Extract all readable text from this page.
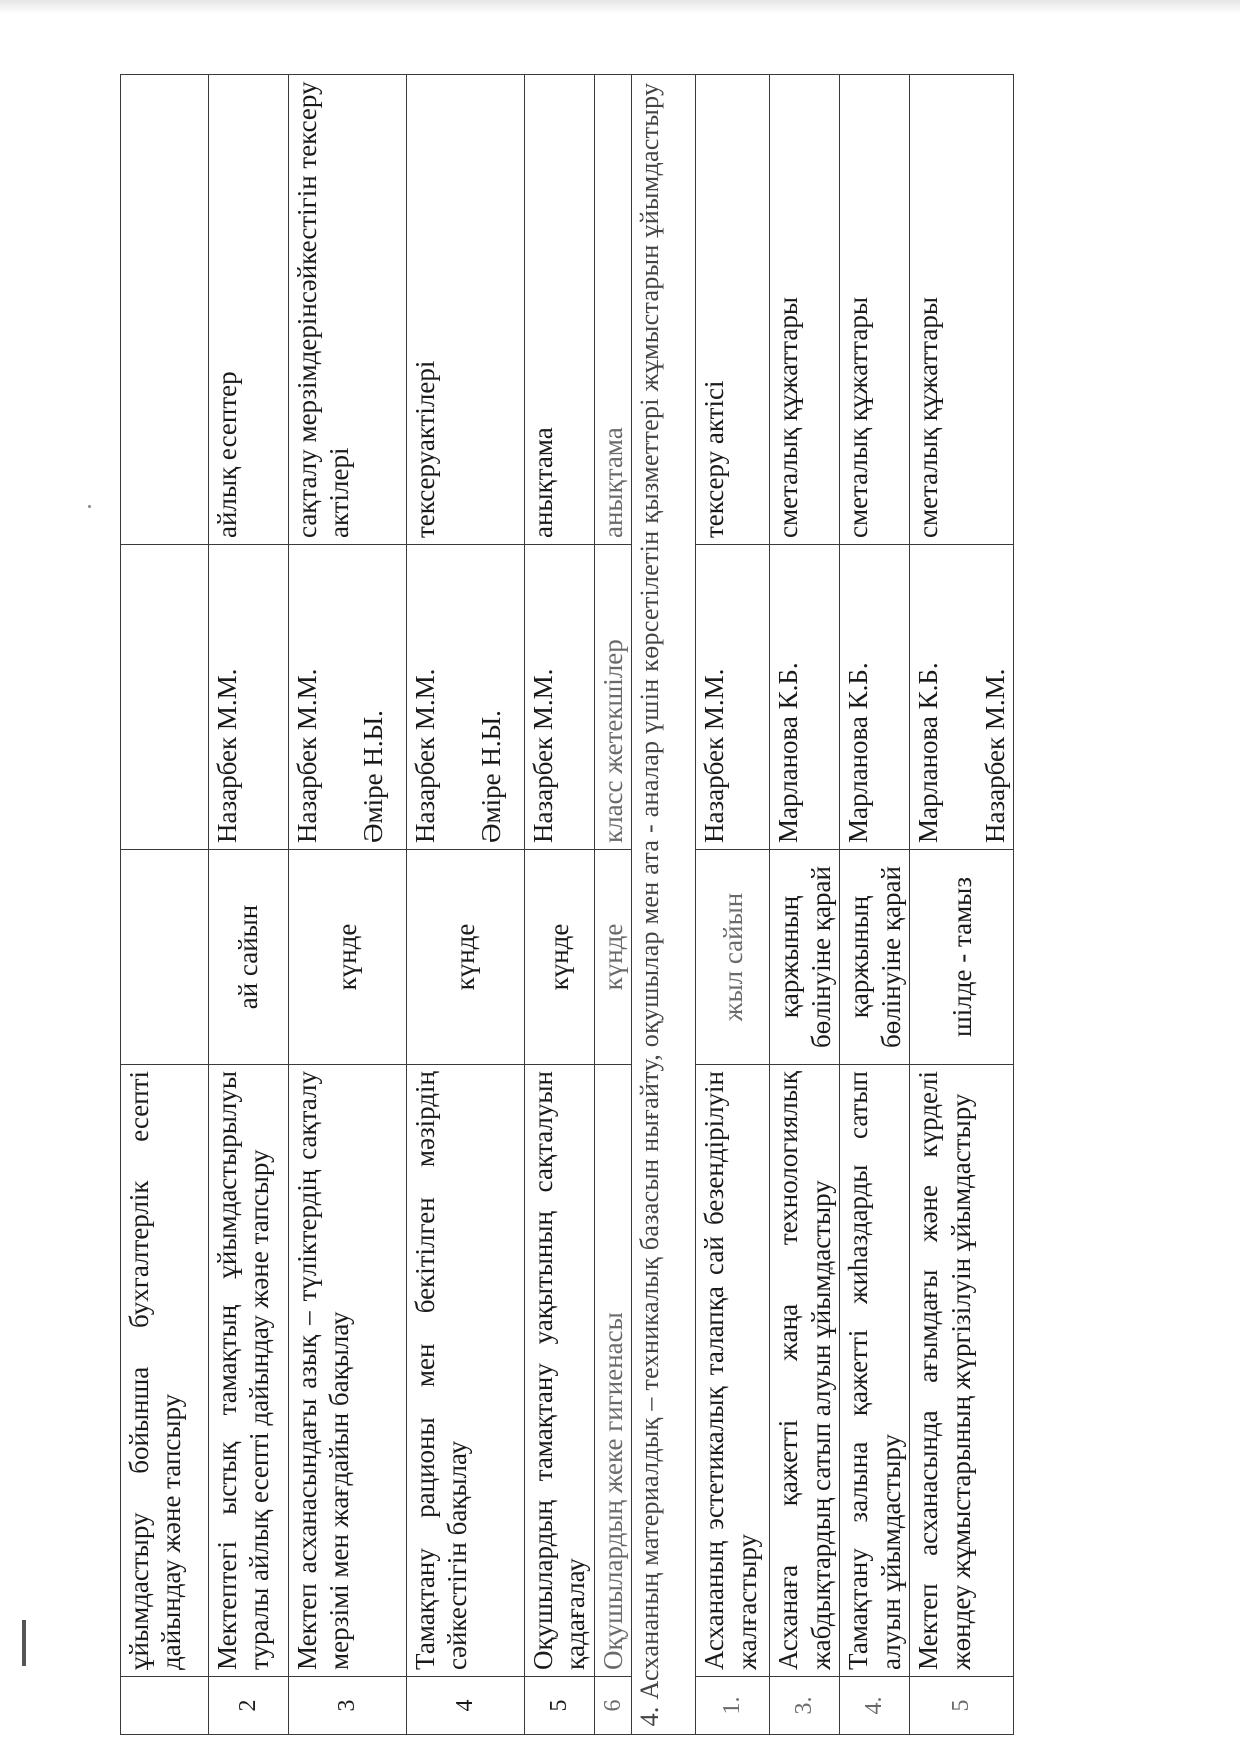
	ұйымдастыру бойынша бухгалтерлік есепті дайындау және тапсыру			
2	Мектептегі ыстық тамақтың ұйымдастырылуы туралы айлық есепті дайындау және тапсыру	ай сайын	Назарбек М.М.	айлық есептер
3	Мектеп асханасындағы азық – түліктердің сақталу мерзімі мен жағдайын бақылау	күнде	Назарбек М.М. Әміре Н.Ы.	сақталу мерзімдерінсәйкестігін тексеру актілері
4	Тамақтану рационы мен бекітілген мәзірдің сәйкестігін бақылау	күнде	Назарбек М.М. Әміре Н.Ы.	тексеруактілері
5	Оқушылардың тамақтану уақытының сақталуын қадағалау	күнде	Назарбек М.М.	анықтама
6	Оқушылардың жеке гигиенасы	күнде	класс жетекшілер	анықтама
4. Асхананың материалдық – техникалық базасын нығайту, оқушылар мен ата - аналар үшін көрсетілетін қызметтері жұмыстарын ұйымдастыру				
1.	Асхананың эстетикалық талапқа сай безендірілуін жалғастыру	жыл сайын	Назарбек М.М.	тексеру актісі
3.	Асханаға қажетті жаңа технологиялық жабдықтардың сатып алуын ұйымдастыру	қаржының бөлінуіне қарай	Марланова К.Б.	сметалық құжаттары
4.	Тамақтану залына қажетті жиһаздарды сатып алуын ұйымдастыру	қаржының бөлінуіне қарай	Марланова К.Б.	сметалық құжаттары
5	Мектеп асханасында ағымдағы және күрделі жөндеу жұмыстарының жүргізілуін ұйымдастыру	шілде - тамыз	Марланова К.Б. Назарбек М.М.	сметалық құжаттары
